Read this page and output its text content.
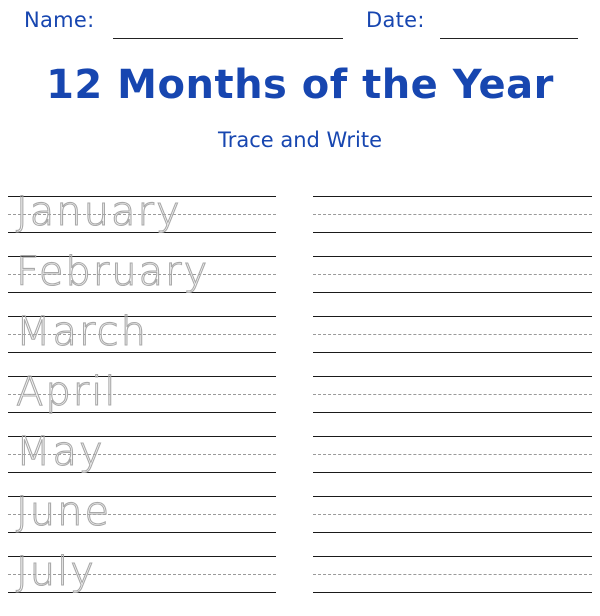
Name:	Date:
12 Months of the Year
Trace and Write
January
February
March
April
May
June
July
